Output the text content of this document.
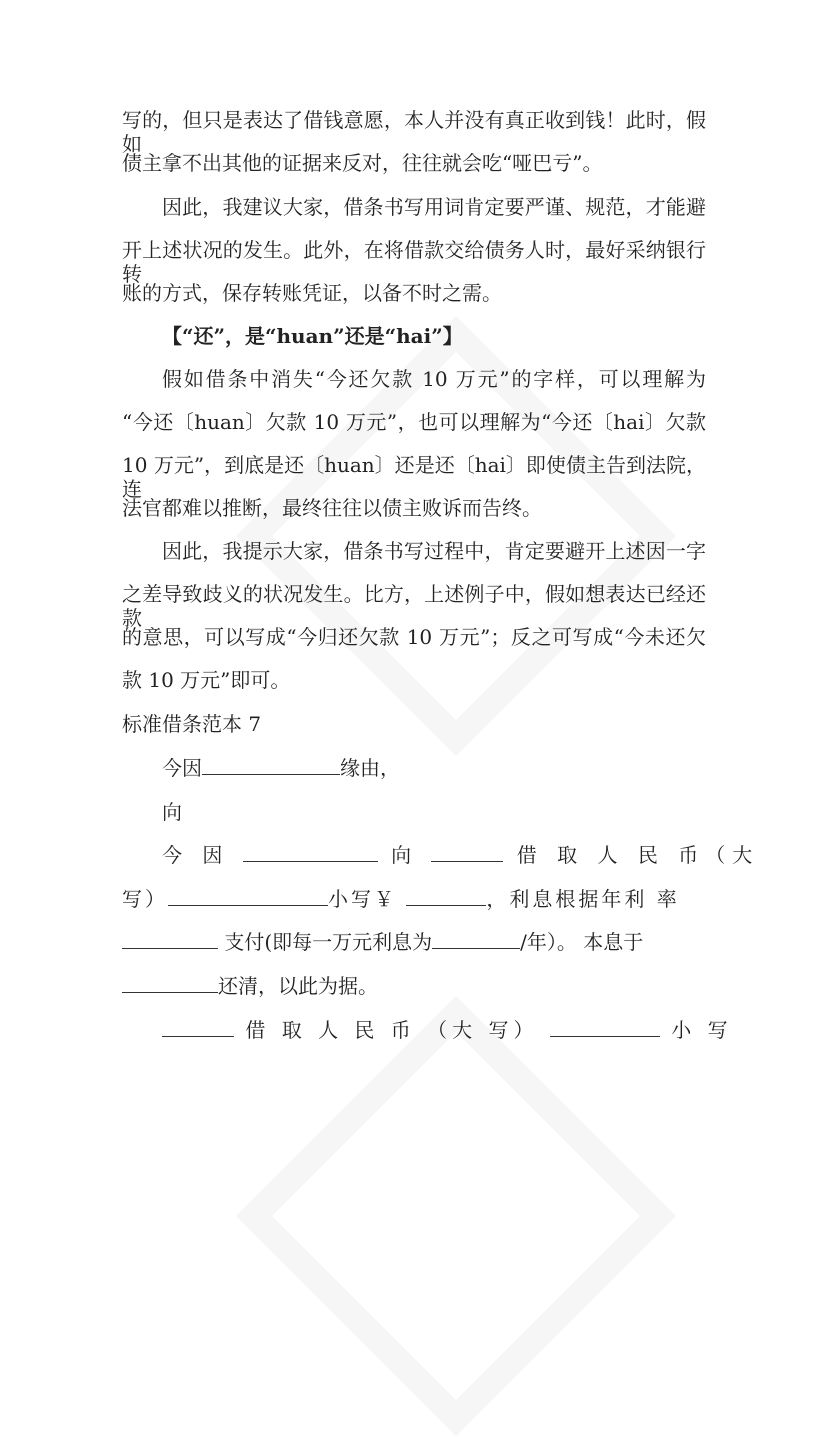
写的，但只是表达了借钱意愿，本人并没有真正收到钱！此时，假如
债主拿不出其他的证据来反对，往往就会吃“哑巴亏”。
因此，我建议大家，借条书写用词肯定要严谨、规范，才能避
开上述状况的发生。此外，在将借款交给债务人时，最好采纳银行转
账的方式，保存转账凭证，以备不时之需。
【“还”，是“huan”还是“hai”】
假如借条中消失“今还欠款 10 万元”的字样，可以理解为
“今还〔huan〕欠款 10 万元”，也可以理解为“今还〔hai〕欠款
10 万元”，到底是还〔huan〕还是还〔hai〕即使债主告到法院，连
法官都难以推断，最终往往以债主败诉而告终。
因此，我提示大家，借条书写过程中，肯定要避开上述因一字
之差导致歧义的状况发生。比方，上述例子中，假如想表达已经还款
的意思，可以写成“今归还欠款 10 万元”；反之可写成“今未还欠
款 10 万元”即可。
标准借条范本 7
今因	缘由，
向
今 因	向	借 取 人 民 币（大
写）	小写￥	，利息根据年利 率
支付(即每一万元利息为	/年）。 本息于
还清，以此为据。
借 取 人 民 币 （大 写）	小 写
